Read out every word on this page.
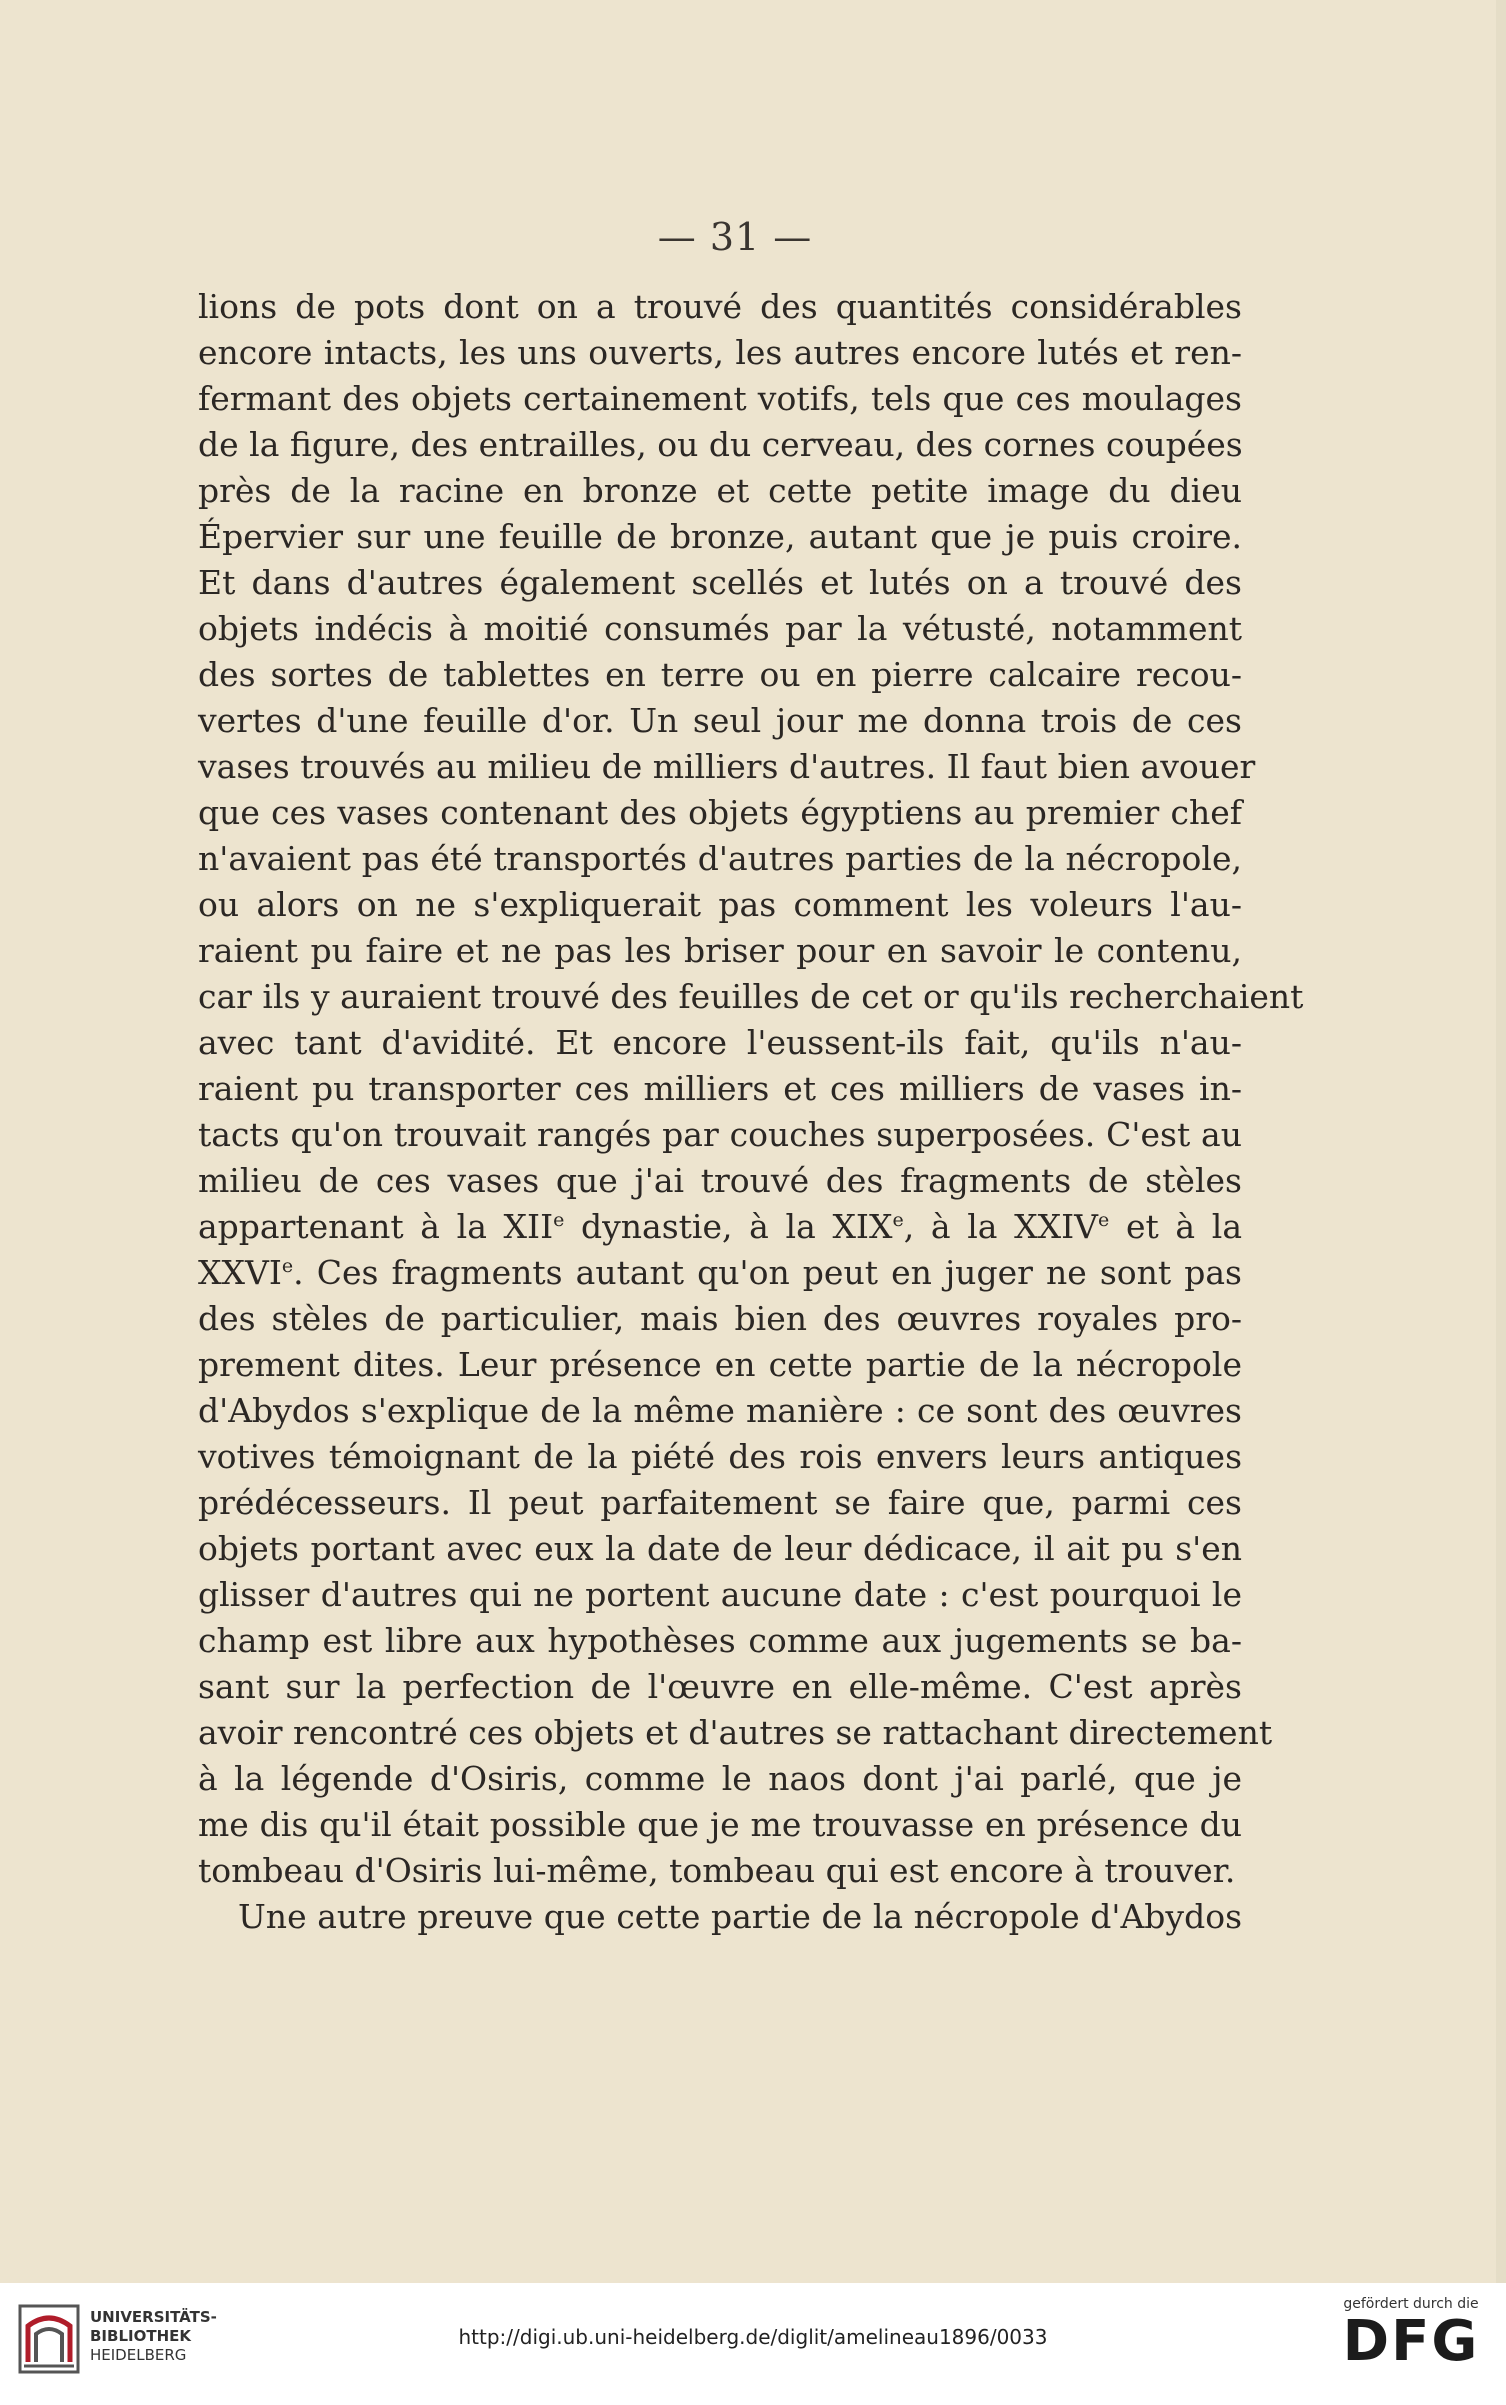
— 31 —
lions de pots dont on a trouvé des quantités considérables
encore intacts, les uns ouverts, les autres encore lutés et ren-
fermant des objets certainement votifs, tels que ces moulages
de la figure, des entrailles, ou du cerveau, des cornes coupées
près de la racine en bronze et cette petite image du dieu
Épervier sur une feuille de bronze, autant que je puis croire.
Et dans d'autres également scellés et lutés on a trouvé des
objets indécis à moitié consumés par la vétusté, notamment
des sortes de tablettes en terre ou en pierre calcaire recou-
vertes d'une feuille d'or. Un seul jour me donna trois de ces
vases trouvés au milieu de milliers d'autres. Il faut bien avouer
que ces vases contenant des objets égyptiens au premier chef
n'avaient pas été transportés d'autres parties de la nécropole,
ou alors on ne s'expliquerait pas comment les voleurs l'au-
raient pu faire et ne pas les briser pour en savoir le contenu,
car ils y auraient trouvé des feuilles de cet or qu'ils recherchaient
avec tant d'avidité. Et encore l'eussent-ils fait, qu'ils n'au-
raient pu transporter ces milliers et ces milliers de vases in-
tacts qu'on trouvait rangés par couches superposées. C'est au
milieu de ces vases que j'ai trouvé des fragments de stèles
appartenant à la XIIe dynastie, à la XIXe, à la XXIVe et à la
XXVIe. Ces fragments autant qu'on peut en juger ne sont pas
des stèles de particulier, mais bien des œuvres royales pro-
prement dites. Leur présence en cette partie de la nécropole
d'Abydos s'explique de la même manière : ce sont des œuvres
votives témoignant de la piété des rois envers leurs antiques
prédécesseurs. Il peut parfaitement se faire que, parmi ces
objets portant avec eux la date de leur dédicace, il ait pu s'en
glisser d'autres qui ne portent aucune date : c'est pourquoi le
champ est libre aux hypothèses comme aux jugements se ba-
sant sur la perfection de l'œuvre en elle-même. C'est après
avoir rencontré ces objets et d'autres se rattachant directement
à la légende d'Osiris, comme le naos dont j'ai parlé, que je
me dis qu'il était possible que je me trouvasse en présence du
tombeau d'Osiris lui-même, tombeau qui est encore à trouver.
Une autre preuve que cette partie de la nécropole d'Abydos
UNIVERSITÄTS-
BIBLIOTHEK
HEIDELBERG
http://digi.ub.uni-heidelberg.de/diglit/amelineau1896/0033
gefördert durch die
DFG
